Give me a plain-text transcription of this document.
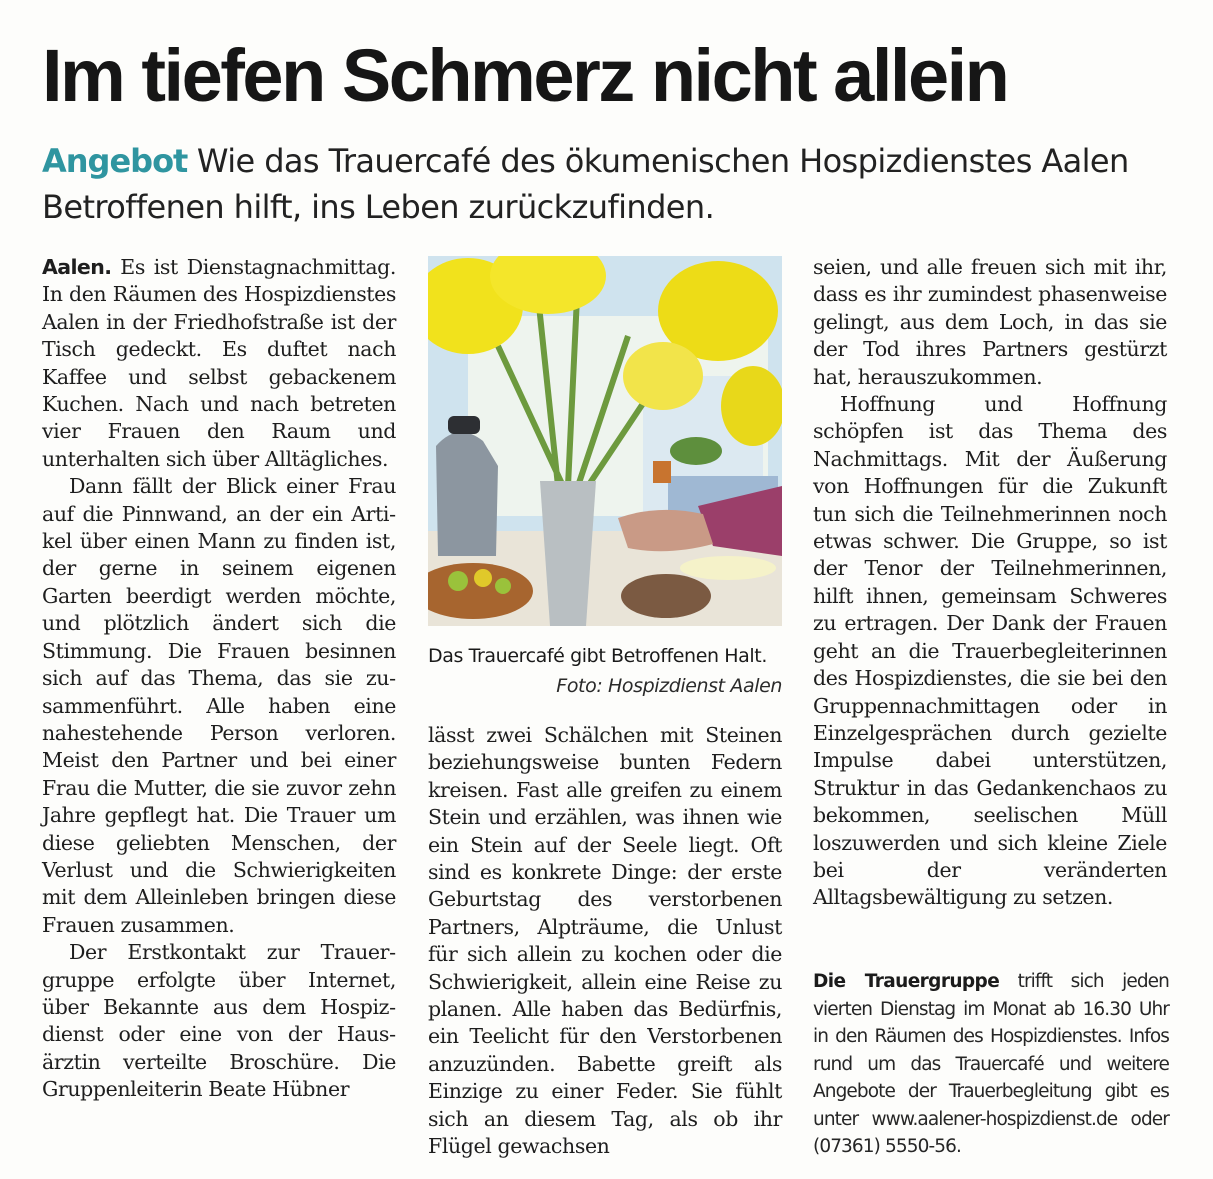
Im tiefen Schmerz nicht allein

Angebot Wie das Trauercafé des ökumenischen Hospizdienstes Aalen Betroffenen hilft, ins Leben zurückzufinden.

Aalen. Es ist Dienstagnachmittag. In den Räumen des Hospizdienstes Aalen in der Friedhofstraße ist der Tisch gedeckt. Es duftet nach Kaffee und selbst gebackenem Kuchen. Nach und nach betreten vier Frauen den Raum und unterhalten sich über Alltägliches.

Dann fällt der Blick einer Frau auf die Pinnwand, an der ein Artikel über einen Mann zu finden ist, der gerne in seinem eigenen Garten beerdigt werden möchte, und plötzlich ändert sich die Stimmung. Die Frauen besinnen sich auf das Thema, das sie zusammenführt. Alle haben eine nahestehende Person verloren. Meist den Partner und bei einer Frau die Mutter, die sie zuvor zehn Jahre gepflegt hat. Die Trauer um diese geliebten Menschen, der Verlust und die Schwierigkeiten mit dem Alleinleben bringen diese Frauen zusammen.

Der Erstkontakt zur Trauergruppe erfolgte über Internet, über Bekannte aus dem Hospizdienst oder eine von der Hausärztin verteilte Broschüre. Die Gruppenleiterin Beate Hübner

Das Trauercafé gibt Betroffenen Halt.
Foto: Hospizdienst Aalen

lässt zwei Schälchen mit Steinen beziehungsweise bunten Federn kreisen. Fast alle greifen zu einem Stein und erzählen, was ihnen wie ein Stein auf der Seele liegt. Oft sind es konkrete Dinge: der erste Geburtstag des verstorbenen Partners, Alpträume, die Unlust für sich allein zu kochen oder die Schwierigkeit, allein eine Reise zu planen. Alle haben das Bedürfnis, ein Teelicht für den Verstorbenen anzuzünden. Babette greift als Einzige zu einer Feder. Sie fühlt sich an diesem Tag, als ob ihr Flügel gewachsen

seien, und alle freuen sich mit ihr, dass es ihr zumindest phasenweise gelingt, aus dem Loch, in das sie der Tod ihres Partners gestürzt hat, herauszukommen.

Hoffnung und Hoffnung schöpfen ist das Thema des Nachmittags. Mit der Äußerung von Hoffnungen für die Zukunft tun sich die Teilnehmerinnen noch etwas schwer. Die Gruppe, so ist der Tenor der Teilnehmerinnen, hilft ihnen, gemeinsam Schweres zu ertragen. Der Dank der Frauen geht an die Trauerbegleiterinnen des Hospizdienstes, die sie bei den Gruppennachmittagen oder in Einzelgesprächen durch gezielte Impulse dabei unterstützen, Struktur in das Gedankenchaos zu bekommen, seelischen Müll loszuwerden und sich kleine Ziele bei der veränderten Alltagsbewältigung zu setzen.

Die Trauergruppe trifft sich jeden vierten Dienstag im Monat ab 16.30 Uhr in den Räumen des Hospizdienstes. Infos rund um das Trauercafé und weitere Angebote der Trauerbegleitung gibt es unter www.aalener-hospizdienst.de oder (07361) 5550-56.
